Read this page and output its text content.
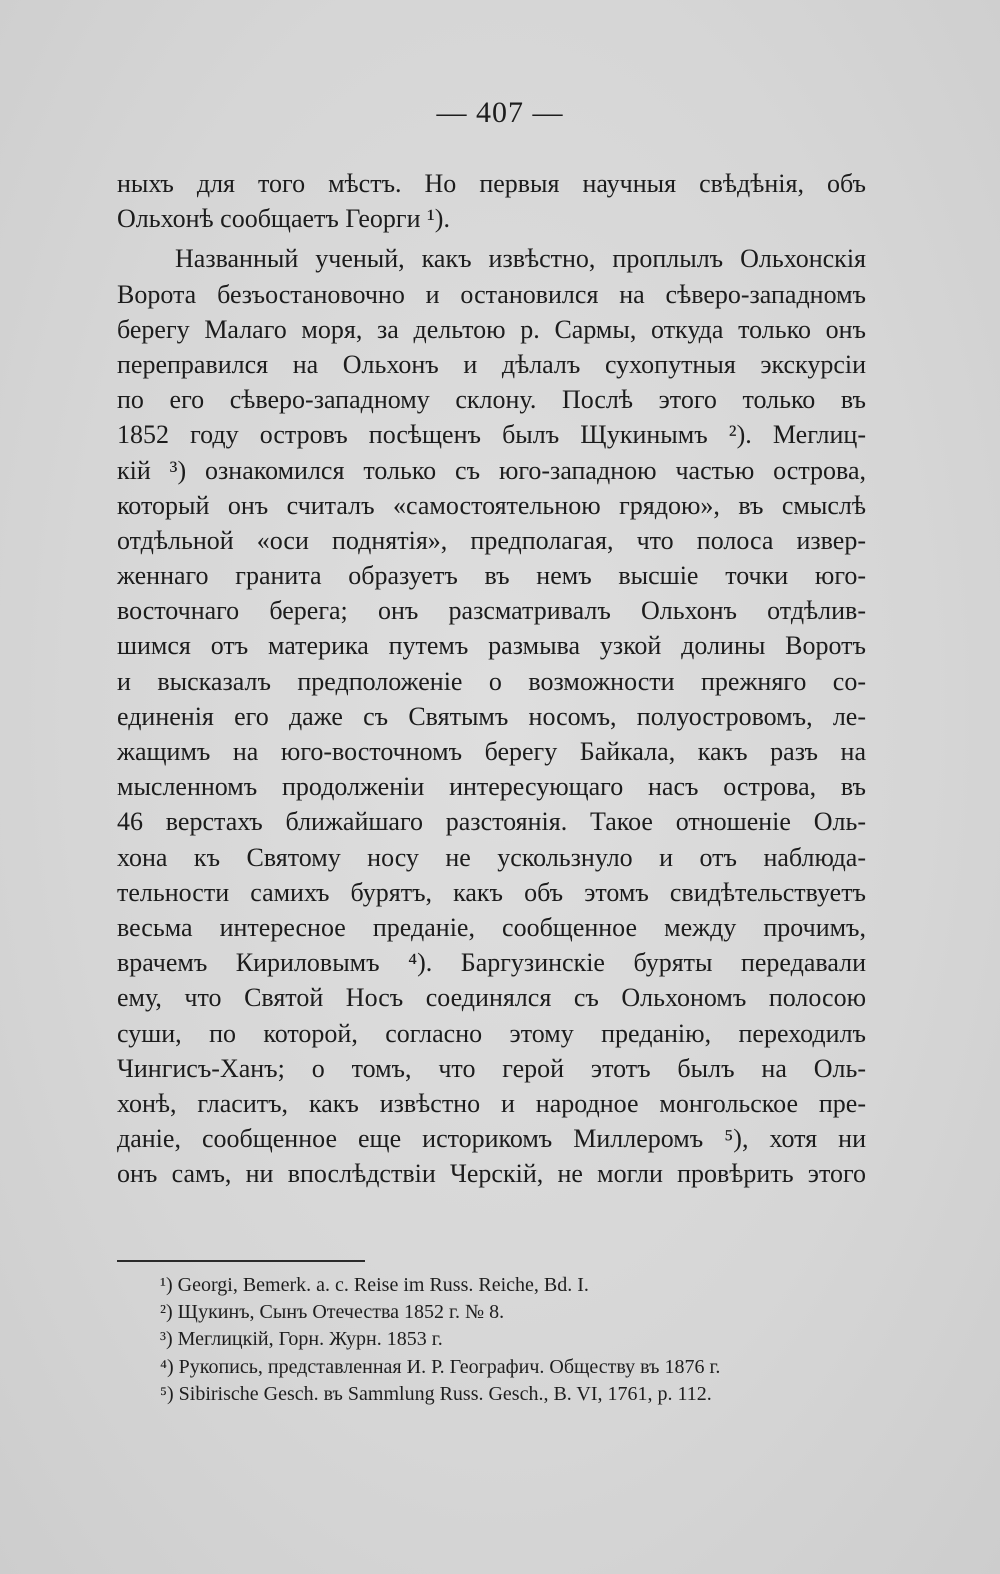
— 407 —
ныхъ для того мѣстъ. Но первыя научныя свѣдѣнія, объ
Ольхонѣ сообщаетъ Георги ¹).
Названный ученый, какъ извѣстно, проплылъ Ольхонскія
Ворота безъостановочно и остановился на сѣверо-западномъ
берегу Малаго моря, за дельтою р. Сармы, откуда только онъ
переправился на Ольхонъ и дѣлалъ сухопутныя экскурсіи
по его сѣверо-западному склону. Послѣ этого только въ
1852 году островъ посѣщенъ былъ Щукинымъ ²). Меглиц-
кій ³) ознакомился только съ юго-западною частью острова,
который онъ считалъ «самостоятельною грядою», въ смыслѣ
отдѣльной «оси поднятія», предполагая, что полоса извер-
женнаго гранита образуетъ въ немъ высшіе точки юго-
восточнаго берега; онъ разсматривалъ Ольхонъ отдѣлив-
шимся отъ материка путемъ размыва узкой долины Воротъ
и высказалъ предположеніе о возможности прежняго со-
единенія его даже съ Святымъ носомъ, полуостровомъ, ле-
жащимъ на юго-восточномъ берегу Байкала, какъ разъ на
мысленномъ продолженіи интересующаго насъ острова, въ
46 верстахъ ближайшаго разстоянія. Такое отношеніе Оль-
хона къ Святому носу не ускользнуло и отъ наблюда-
тельности самихъ бурятъ, какъ объ этомъ свидѣтельствуетъ
весьма интересное преданіе, сообщенное между прочимъ,
врачемъ Кириловымъ ⁴). Баргузинскіе буряты передавали
ему, что Святой Носъ соединялся съ Ольхономъ полосою
суши, по которой, согласно этому преданію, переходилъ
Чингисъ-Ханъ; о томъ, что герой этотъ былъ на Оль-
хонѣ, гласитъ, какъ извѣстно и народное монгольское пре-
даніе, сообщенное еще историкомъ Миллеромъ ⁵), хотя ни
онъ самъ, ни впослѣдствіи Черскій, не могли провѣрить этого
¹) Georgi, Bemerk. a. c. Reise im Russ. Reiche, Bd. I.
²) Щукинъ, Сынъ Отечества 1852 г. № 8.
³) Меглицкій, Горн. Журн. 1853 г.
⁴) Рукопись, представленная И. Р. Географич. Обществу въ 1876 г.
⁵) Sibirische Gesch. въ Sammlung Russ. Gesch., B. VI, 1761, p. 112.
